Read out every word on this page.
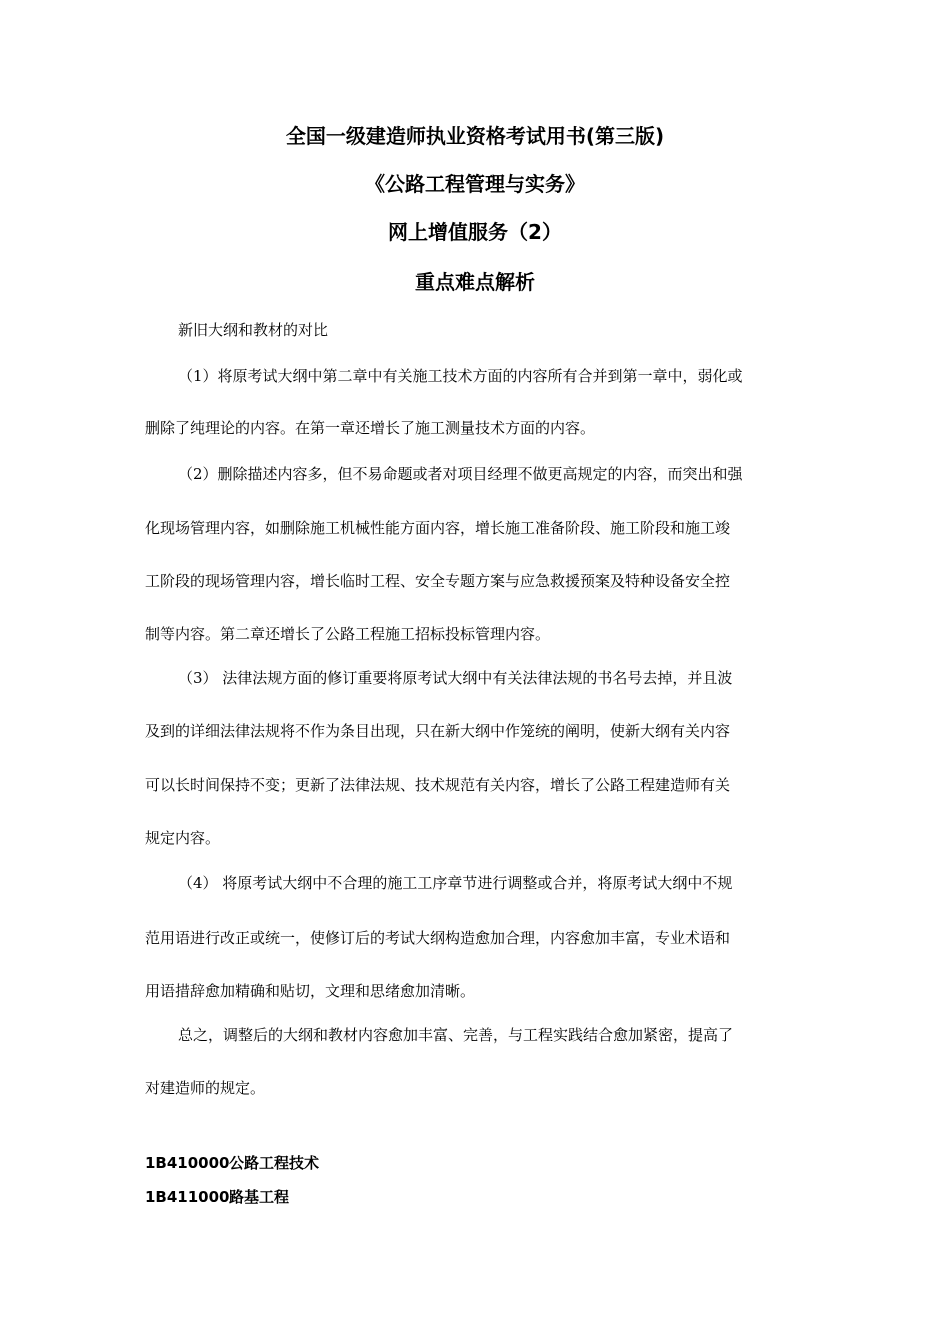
全国一级建造师执业资格考试用书(第三版)
《公路工程管理与实务》
网上增值服务（2）
重点难点解析
新旧大纲和教材的对比
（1）将原考试大纲中第二章中有关施工技术方面的内容所有合并到第一章中，弱化或
删除了纯理论的内容。在第一章还增长了施工测量技术方面的内容。
（2）删除描述内容多，但不易命题或者对项目经理不做更高规定的内容，而突出和强
化现场管理内容，如删除施工机械性能方面内容，增长施工准备阶段、施工阶段和施工竣
工阶段的现场管理内容，增长临时工程、安全专题方案与应急救援预案及特种设备安全控
制等内容。第二章还增长了公路工程施工招标投标管理内容。
（3） 法律法规方面的修订重要将原考试大纲中有关法律法规的书名号去掉，并且波
及到的详细法律法规将不作为条目出现，只在新大纲中作笼统的阐明，使新大纲有关内容
可以长时间保持不变；更新了法律法规、技术规范有关内容，增长了公路工程建造师有关
规定内容。
（4） 将原考试大纲中不合理的施工工序章节进行调整或合并，将原考试大纲中不规
范用语进行改正或统一，使修订后的考试大纲构造愈加合理，内容愈加丰富，专业术语和
用语措辞愈加精确和贴切，文理和思绪愈加清晰。
总之，调整后的大纲和教材内容愈加丰富、完善，与工程实践结合愈加紧密，提高了
对建造师的规定。
1B410000公路工程技术
1B411000路基工程
